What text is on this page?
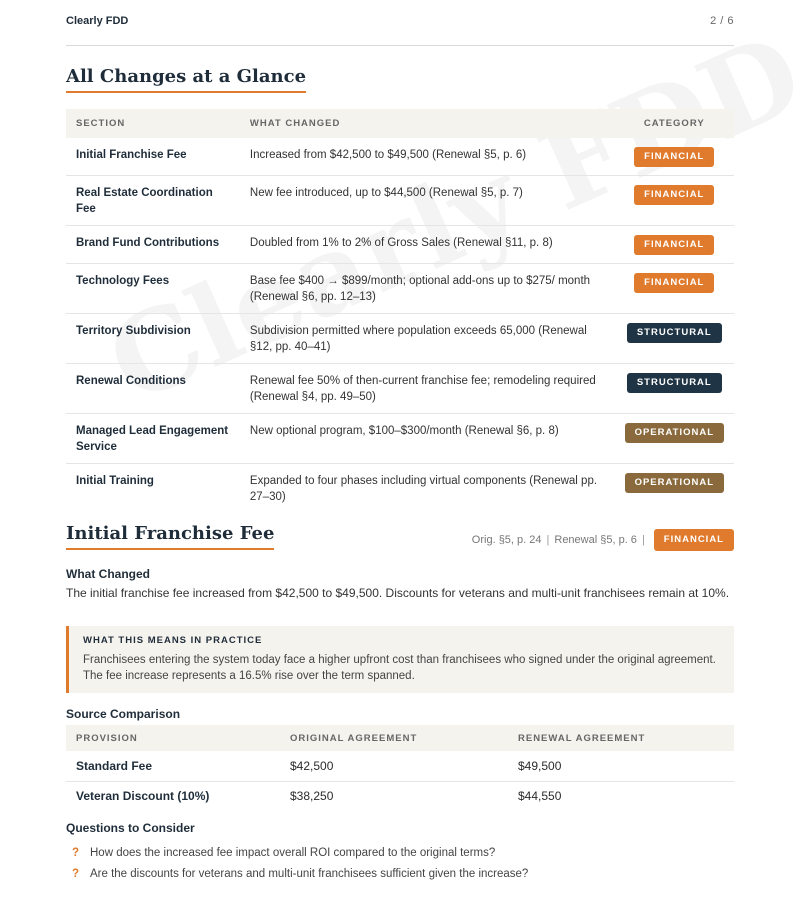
Clearly FDD	2 / 6
All Changes at a Glance
SECTION	WHAT CHANGED	CATEGORY
Initial Franchise Fee	Increased from $42,500 to $49,500 (Renewal §5, p. 6)	FINANCIAL
Real Estate Coordination Fee	New fee introduced, up to $44,500 (Renewal §5, p. 7)	FINANCIAL
Brand Fund Contributions	Doubled from 1% to 2% of Gross Sales (Renewal §11, p. 8)	FINANCIAL
Technology Fees	Base fee $400 → $899/month; optional add-ons up to $275/ month (Renewal §6, pp. 12–13)	FINANCIAL
Territory Subdivision	Subdivision permitted where population exceeds 65,000 (Renewal §12, pp. 40–41)	STRUCTURAL
Renewal Conditions	Renewal fee 50% of then-current franchise fee; remodeling required (Renewal §4, pp. 49–50)	STRUCTURAL
Managed Lead Engagement Service	New optional program, $100–$300/month (Renewal §6, p. 8)	OPERATIONAL
Initial Training	Expanded to four phases including virtual components (Renewal pp. 27–30)	OPERATIONAL
Initial Franchise Fee	Orig. §5, p. 24 | Renewal §5, p. 6 |	FINANCIAL
What Changed
The initial franchise fee increased from $42,500 to $49,500. Discounts for veterans and multi-unit franchisees remain at 10%.
WHAT THIS MEANS IN PRACTICE
Franchisees entering the system today face a higher upfront cost than franchisees who signed under the original agreement. The fee increase represents a 16.5% rise over the term spanned.
Source Comparison
PROVISION	ORIGINAL AGREEMENT	RENEWAL AGREEMENT
Standard Fee	$42,500	$49,500
Veteran Discount (10%)	$38,250	$44,550
Questions to Consider
? How does the increased fee impact overall ROI compared to the original terms?
? Are the discounts for veterans and multi-unit franchisees sufficient given the increase?
